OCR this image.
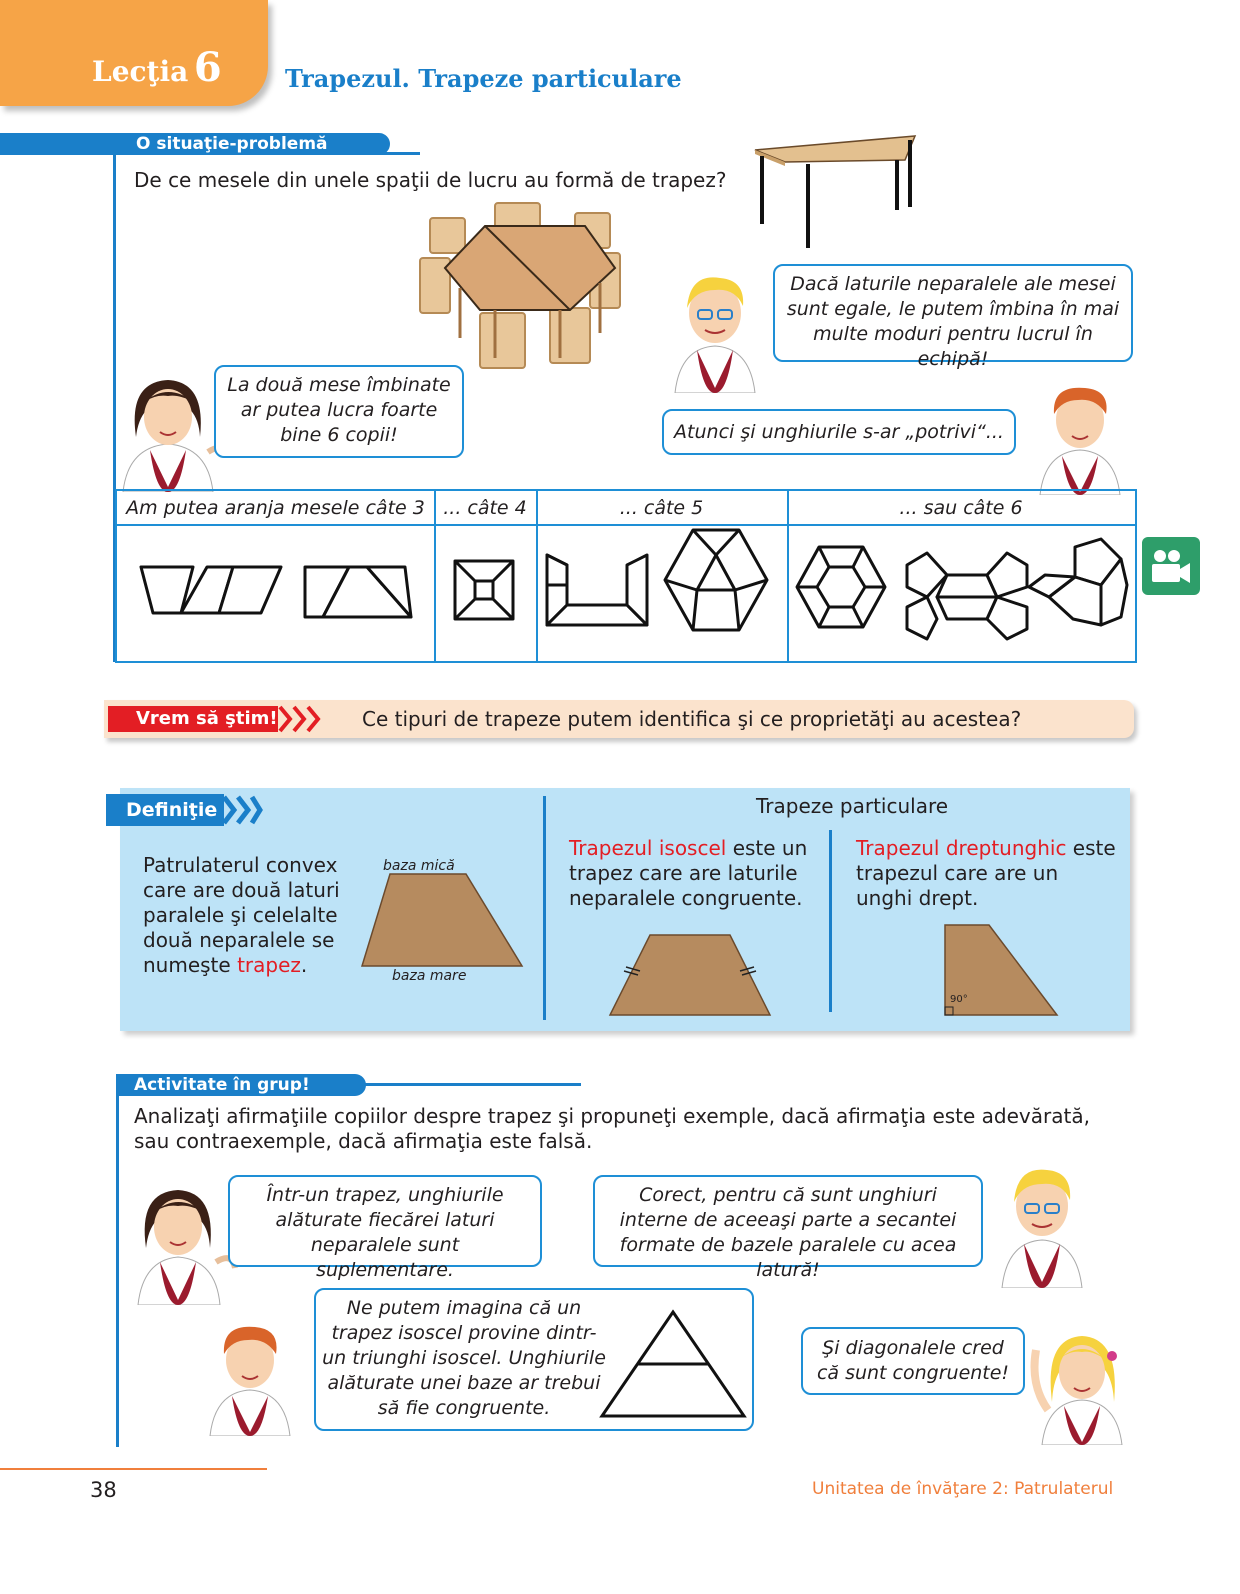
Lecţia 6	Trapezul. Trapeze particulare
O situaţie-problemă
De ce mesele din unele spaţii de lucru au formă de trapez?
Dacă laturile neparalele ale mesei sunt egale, le putem îmbina în mai multe moduri pentru lucrul în echipă!
La două mese îmbinate ar putea lucra foarte bine 6 copii!	Atunci şi unghiurile s-ar „potrivi“...
Am putea aranja mesele câte 3 ... câte 4	... câte 5	... sau câte 6
Vrem să ştim!	Ce tipuri de trapeze putem identifica şi ce proprietăţi au acestea?
Definiţie
Patrulaterul convex care are două laturi paralele şi celelalte două neparalele se numeşte trapez.
baza mică
baza mare
Trapeze particulare
Trapezul isoscel este un trapez care are laturile neparalele congruente.
Trapezul dreptunghic este trapezul care are un unghi drept.
90°
Activitate în grup!
Analizaţi afirmaţiile copiilor despre trapez şi propuneţi exemple, dacă afirmaţia este adevărată, sau contraexemple, dacă afirmaţia este falsă.
Într-un trapez, unghiurile alăturate fiecărei laturi neparalele sunt suplementare.
Corect, pentru că sunt unghiuri interne de aceeaşi parte a secantei formate de bazele paralele cu acea latură!
Ne putem imagina că un trapez isoscel provine dintr-un triunghi isoscel. Unghiurile alăturate unei baze ar trebui să fie congruente.
Şi diagonalele cred că sunt congruente!
38	Unitatea de învăţare 2: Patrulaterul
